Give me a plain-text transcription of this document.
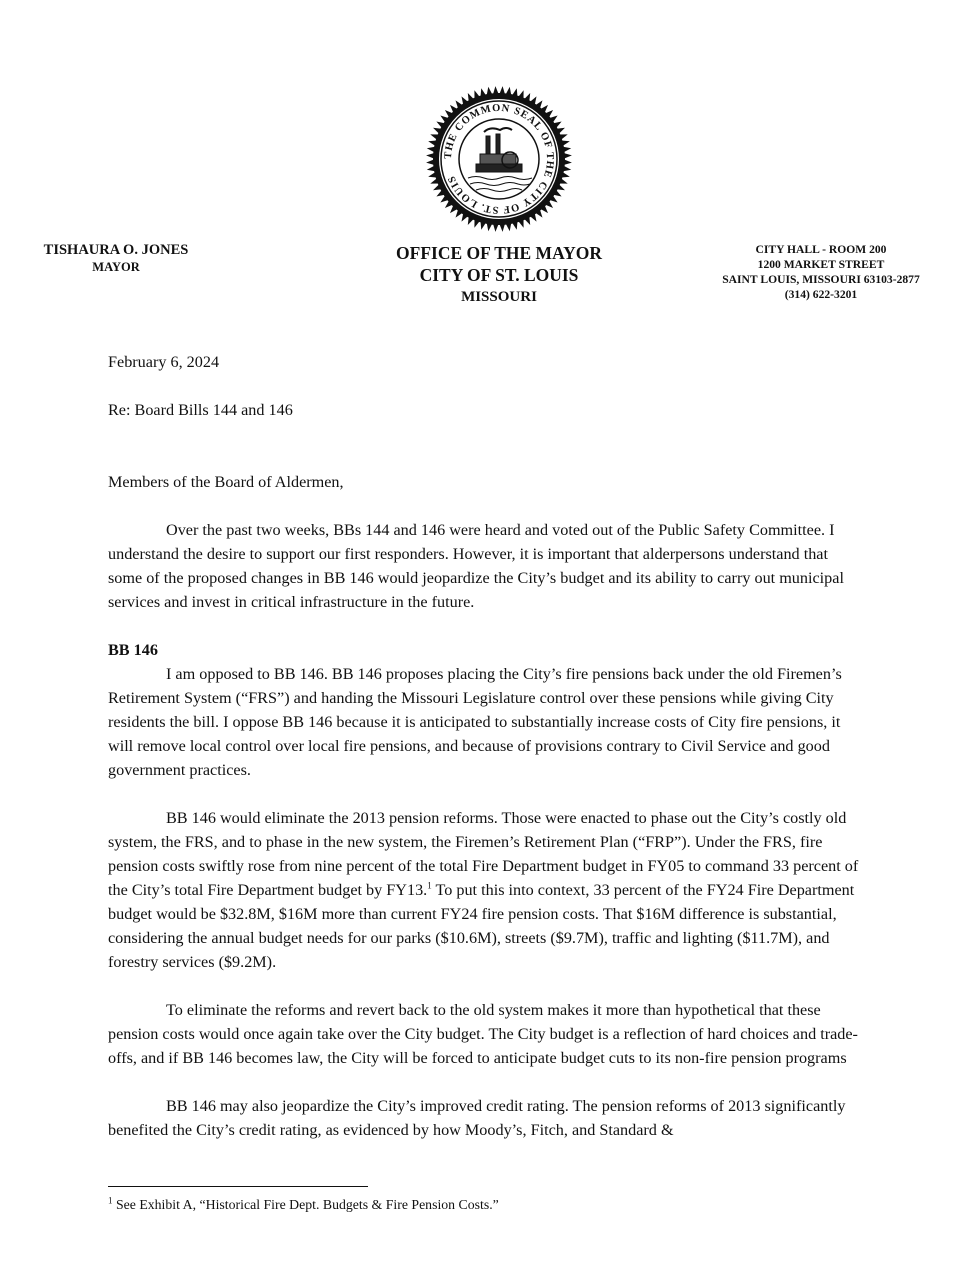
THE COMMON SEAL OF THE CITY OF ST. LOUIS
TISHAURA O. JONES
MAYOR
OFFICE OF THE MAYOR
CITY OF ST. LOUIS
MISSOURI
CITY HALL - ROOM 200
1200 MARKET STREET
SAINT LOUIS, MISSOURI 63103-2877
(314) 622-3201

February 6, 2024

Re: Board Bills 144 and 146

Members of the Board of Aldermen,

Over the past two weeks, BBs 144 and 146 were heard and voted out of the Public Safety Committee. I understand the desire to support our first responders. However, it is important that alderpersons understand that some of the proposed changes in BB 146 would jeopardize the City’s budget and its ability to carry out municipal services and invest in critical infrastructure in the future.

BB 146

I am opposed to BB 146. BB 146 proposes placing the City’s fire pensions back under the old Firemen’s Retirement System (“FRS”) and handing the Missouri Legislature control over these pensions while giving City residents the bill. I oppose BB 146 because it is anticipated to substantially increase costs of City fire pensions, it will remove local control over local fire pensions, and because of provisions contrary to Civil Service and good government practices.

BB 146 would eliminate the 2013 pension reforms. Those were enacted to phase out the City’s costly old system, the FRS, and to phase in the new system, the Firemen’s Retirement Plan (“FRP”). Under the FRS, fire pension costs swiftly rose from nine percent of the total Fire Department budget in FY05 to command 33 percent of the City’s total Fire Department budget by FY13.$^1$ To put this into context, 33 percent of the FY24 Fire Department budget would be $32.8M, $16M more than current FY24 fire pension costs. That $16M difference is substantial, considering the annual budget needs for our parks ($10.6M), streets ($9.7M), traffic and lighting ($11.7M), and forestry services ($9.2M).

To eliminate the reforms and revert back to the old system makes it more than hypothetical that these pension costs would once again take over the City budget. The City budget is a reflection of hard choices and trade-offs, and if BB 146 becomes law, the City will be forced to anticipate budget cuts to its non-fire pension programs

BB 146 may also jeopardize the City’s improved credit rating. The pension reforms of 2013 significantly benefited the City’s credit rating, as evidenced by how Moody’s, Fitch, and Standard &

$^1$ See Exhibit A, “Historical Fire Dept. Budgets & Fire Pension Costs.”
